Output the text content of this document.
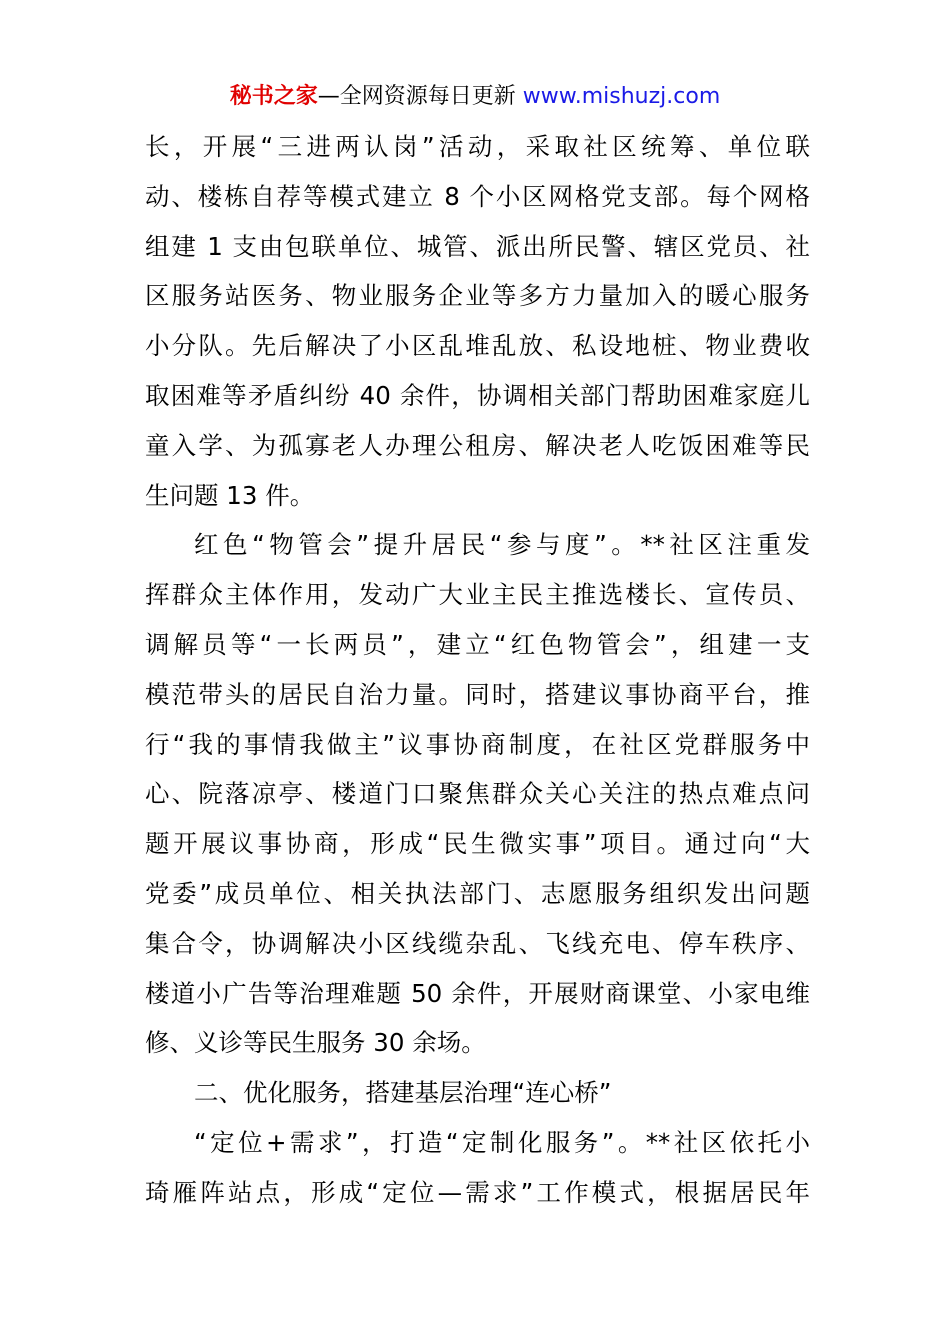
秘书之家—全网资源每日更新 www.mishuzj.com
长，开展“三进两认岗”活动，采取社区统筹、单位联
动、楼栋自荐等模式建立 8 个小区网格党支部。每个网格
组建 1 支由包联单位、城管、派出所民警、辖区党员、社
区服务站医务、物业服务企业等多方力量加入的暖心服务
小分队。先后解决了小区乱堆乱放、私设地桩、物业费收
取困难等矛盾纠纷 40 余件，协调相关部门帮助困难家庭儿
童入学、为孤寡老人办理公租房、解决老人吃饭困难等民
生问题 13 件。
红色“物管会”提升居民“参与度”。**社区注重发
挥群众主体作用，发动广大业主民主推选楼长、宣传员、
调解员等“一长两员”，建立“红色物管会”，组建一支
模范带头的居民自治力量。同时，搭建议事协商平台，推
行“我的事情我做主”议事协商制度，在社区党群服务中
心、院落凉亭、楼道门口聚焦群众关心关注的热点难点问
题开展议事协商，形成“民生微实事”项目。通过向“大
党委”成员单位、相关执法部门、志愿服务组织发出问题
集合令，协调解决小区线缆杂乱、飞线充电、停车秩序、
楼道小广告等治理难题 50 余件，开展财商课堂、小家电维
修、义诊等民生服务 30 余场。
二、优化服务，搭建基层治理“连心桥”
“定位+需求”，打造“定制化服务”。**社区依托小
琦雁阵站点，形成“定位—需求”工作模式，根据居民年
